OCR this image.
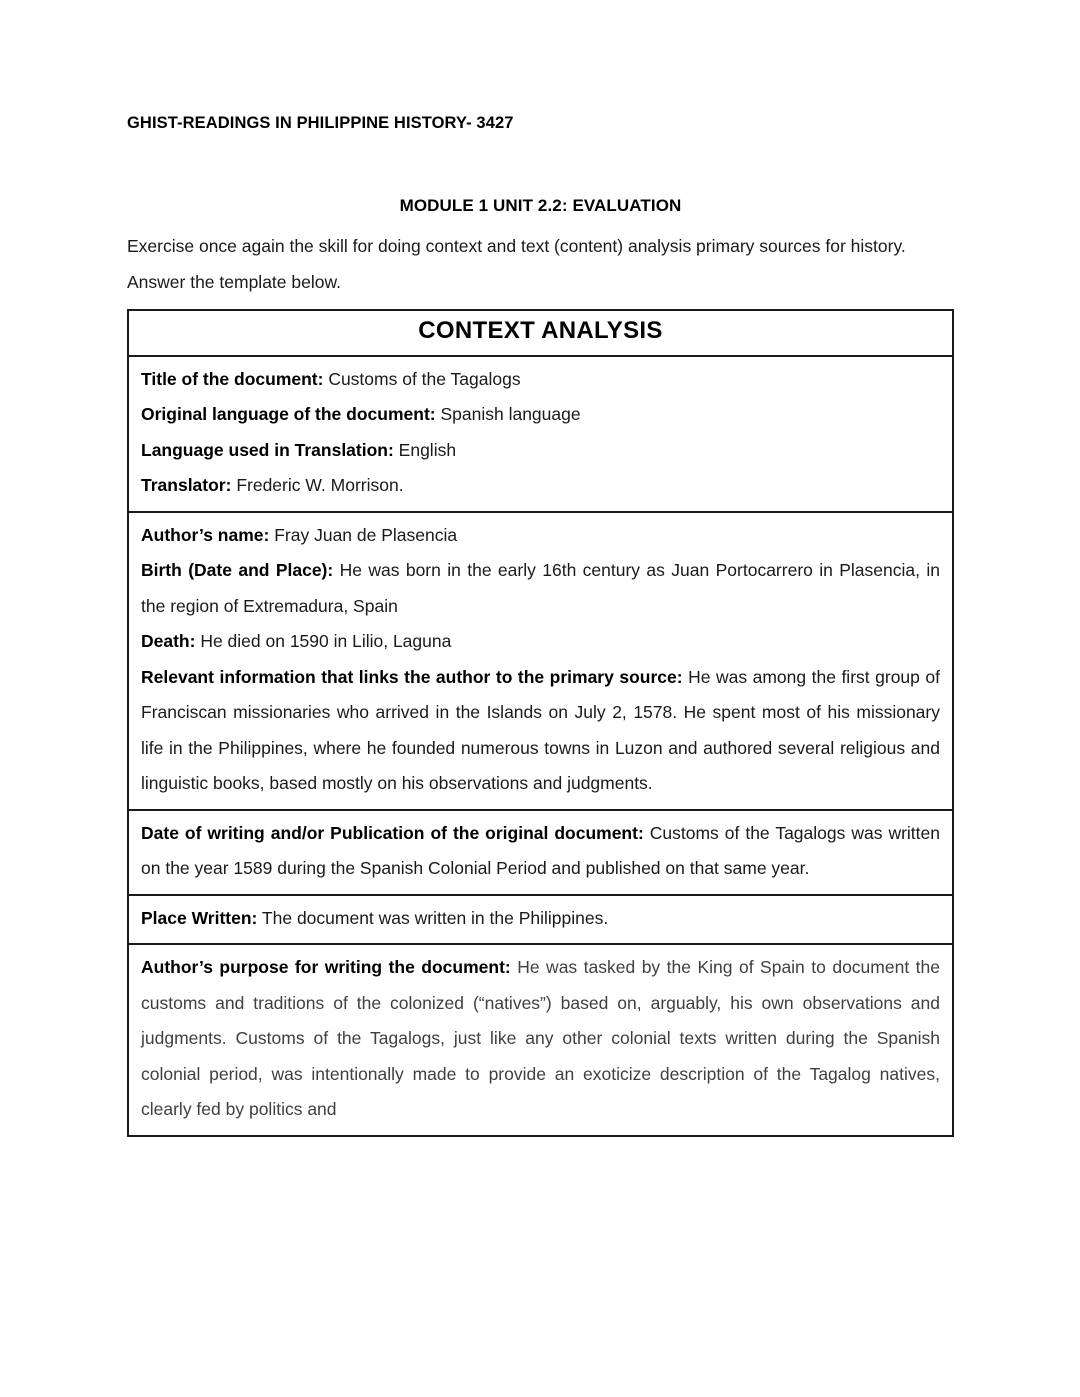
GHIST-READINGS IN PHILIPPINE HISTORY- 3427
MODULE 1 UNIT 2.2: EVALUATION
Exercise once again the skill for doing context and text (content) analysis primary sources for history. Answer the template below.
CONTEXT ANALYSIS
Title of the document: Customs of the Tagalogs
Original language of the document: Spanish language
Language used in Translation: English
Translator: Frederic W. Morrison.
Author’s name: Fray Juan de Plasencia
Birth (Date and Place): He was born in the early 16th century as Juan Portocarrero in Plasencia, in the region of Extremadura, Spain
Death: He died on 1590 in Lilio, Laguna
Relevant information that links the author to the primary source: He was among the first group of Franciscan missionaries who arrived in the Islands on July 2, 1578. He spent most of his missionary life in the Philippines, where he founded numerous towns in Luzon and authored several religious and linguistic books, based mostly on his observations and judgments.
Date of writing and/or Publication of the original document: Customs of the Tagalogs was written on the year 1589 during the Spanish Colonial Period and published on that same year.
Place Written: The document was written in the Philippines.
Author’s purpose for writing the document: He was tasked by the King of Spain to document the customs and traditions of the colonized (“natives”) based on, arguably, his own observations and judgments. Customs of the Tagalogs, just like any other colonial texts written during the Spanish colonial period, was intentionally made to provide an exoticize description of the Tagalog natives, clearly fed by politics and
